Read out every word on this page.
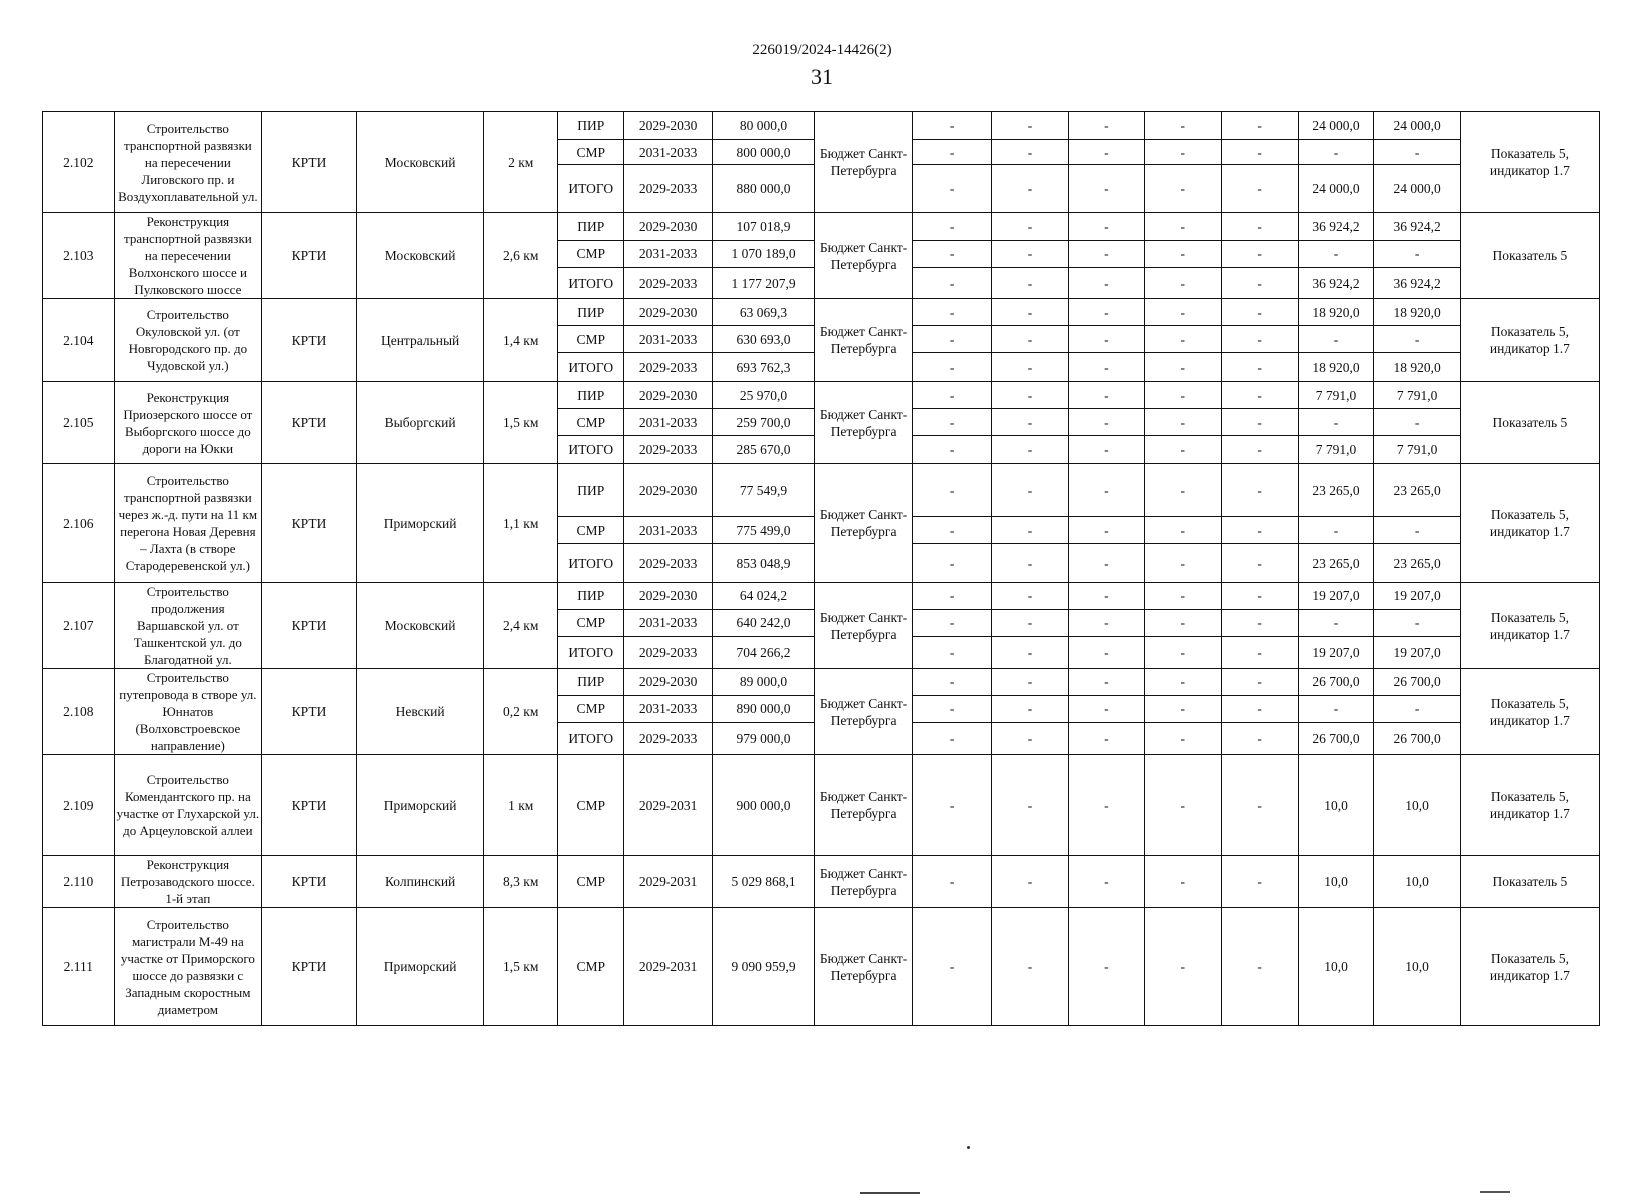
226019/2024-14426(2)
31
2.102	Строительство транспортной развязки на пересечении Лиговского пр. и Воздухоплавательной ул.	КРТИ	Московский	2 км	ПИР	2029-2030	80 000,0	Бюджет Санкт-Петербурга	-	-	-	-	-	24 000,0	24 000,0	Показатель 5, индикатор 1.7
					СМР	2031-2033	800 000,0		-	-	-	-	-	-	-	
					ИТОГО	2029-2033	880 000,0		-	-	-	-	-	24 000,0	24 000,0	
2.103	Реконструкция транспортной развязки на пересечении Волхонского шоссе и Пулковского шоссе	КРТИ	Московский	2,6 км	ПИР	2029-2030	107 018,9	Бюджет Санкт-Петербурга	-	-	-	-	-	36 924,2	36 924,2	Показатель 5
					СМР	2031-2033	1 070 189,0		-	-	-	-	-	-	-	
					ИТОГО	2029-2033	1 177 207,9		-	-	-	-	-	36 924,2	36 924,2	
2.104	Строительство Окуловской ул. (от Новгородского пр. до Чудовской ул.)	КРТИ	Центральный	1,4 км	ПИР	2029-2030	63 069,3	Бюджет Санкт-Петербурга	-	-	-	-	-	18 920,0	18 920,0	Показатель 5, индикатор 1.7
					СМР	2031-2033	630 693,0		-	-	-	-	-	-	-	
					ИТОГО	2029-2033	693 762,3		-	-	-	-	-	18 920,0	18 920,0	
2.105	Реконструкция Приозерского шоссе от Выборгского шоссе до дороги на Юкки	КРТИ	Выборгский	1,5 км	ПИР	2029-2030	25 970,0	Бюджет Санкт-Петербурга	-	-	-	-	-	7 791,0	7 791,0	Показатель 5
					СМР	2031-2033	259 700,0		-	-	-	-	-	-	-	
					ИТОГО	2029-2033	285 670,0		-	-	-	-	-	7 791,0	7 791,0	
2.106	Строительство транспортной развязки через ж.-д. пути на 11 км перегона Новая Деревня – Лахта (в створе Стародеревенской ул.)	КРТИ	Приморский	1,1 км	ПИР	2029-2030	77 549,9	Бюджет Санкт-Петербурга	-	-	-	-	-	23 265,0	23 265,0	Показатель 5, индикатор 1.7
					СМР	2031-2033	775 499,0		-	-	-	-	-	-	-	
					ИТОГО	2029-2033	853 048,9		-	-	-	-	-	23 265,0	23 265,0	
2.107	Строительство продолжения Варшавской ул. от Ташкентской ул. до Благодатной ул.	КРТИ	Московский	2,4 км	ПИР	2029-2030	64 024,2	Бюджет Санкт-Петербурга	-	-	-	-	-	19 207,0	19 207,0	Показатель 5, индикатор 1.7
					СМР	2031-2033	640 242,0		-	-	-	-	-	-	-	
					ИТОГО	2029-2033	704 266,2		-	-	-	-	-	19 207,0	19 207,0	
2.108	Строительство путепровода в створе ул. Юннатов (Волховстроевское направление)	КРТИ	Невский	0,2 км	ПИР	2029-2030	89 000,0	Бюджет Санкт-Петербурга	-	-	-	-	-	26 700,0	26 700,0	Показатель 5, индикатор 1.7
					СМР	2031-2033	890 000,0		-	-	-	-	-	-	-	
					ИТОГО	2029-2033	979 000,0		-	-	-	-	-	26 700,0	26 700,0	
2.109	Строительство Комендантского пр. на участке от Глухарской ул. до Арцеуловской аллеи	КРТИ	Приморский	1 км	СМР	2029-2031	900 000,0	Бюджет Санкт-Петербурга	-	-	-	-	-	10,0	10,0	Показатель 5, индикатор 1.7
2.110	Реконструкция Петрозаводского шоссе. 1-й этап	КРТИ	Колпинский	8,3 км	СМР	2029-2031	5 029 868,1	Бюджет Санкт-Петербурга	-	-	-	-	-	10,0	10,0	Показатель 5
2.111	Строительство магистрали М-49 на участке от Приморского шоссе до развязки с Западным скоростным диаметром	КРТИ	Приморский	1,5 км	СМР	2029-2031	9 090 959,9	Бюджет Санкт-Петербурга	-	-	-	-	-	10,0	10,0	Показатель 5, индикатор 1.7
